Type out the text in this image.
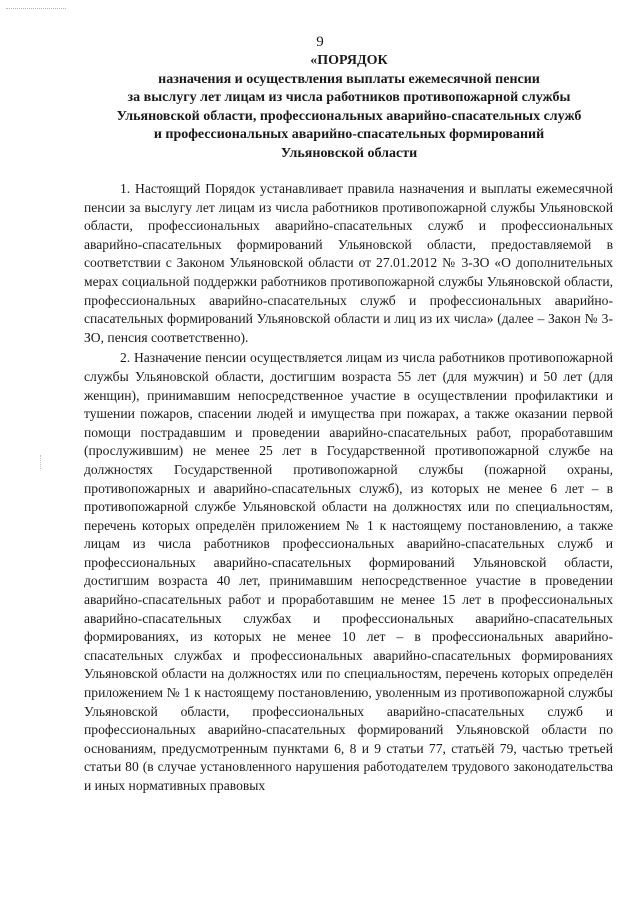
9
«ПОРЯДОК
назначения и осуществления выплаты ежемесячной пенсии
за выслугу лет лицам из числа работников противопожарной службы
Ульяновской области, профессиональных аварийно-спасательных служб
и профессиональных аварийно-спасательных формирований
Ульяновской области

1. Настоящий Порядок устанавливает правила назначения и выплаты ежемесячной пенсии за выслугу лет лицам из числа работников противопожарной службы Ульяновской области, профессиональных аварийно-спасательных служб и профессиональных аварийно-спасательных формирований Ульяновской области, предоставляемой в соответствии с Законом Ульяновской области от 27.01.2012 № 3-ЗО «О дополнительных мерах социальной поддержки работников противопожарной службы Ульяновской области, профессиональных аварийно-спасательных служб и профессиональных аварийно-спасательных формирований Ульяновской области и лиц из их числа» (далее – Закон № 3-ЗО, пенсия соответственно).

2. Назначение пенсии осуществляется лицам из числа работников противопожарной службы Ульяновской области, достигшим возраста 55 лет (для мужчин) и 50 лет (для женщин), принимавшим непосредственное участие в осуществлении профилактики и тушении пожаров, спасении людей и имущества при пожарах, а также оказании первой помощи пострадавшим и проведении аварийно-спасательных работ, проработавшим (прослужившим) не менее 25 лет в Государственной противопожарной службе на должностях Государственной противопожарной службы (пожарной охраны, противопожарных и аварийно-спасательных служб), из которых не менее 6 лет – в противопожарной службе Ульяновской области на должностях или по специальностям, перечень которых определён приложением № 1 к настоящему постановлению, а также лицам из числа работников профессиональных аварийно-спасательных служб и профессиональных аварийно-спасательных формирований Ульяновской области, достигшим возраста 40 лет, принимавшим непосредственное участие в проведении аварийно-спасательных работ и проработавшим не менее 15 лет в профессиональных аварийно-спасательных службах и профессиональных аварийно-спасательных формированиях, из которых не менее 10 лет – в профессиональных аварийно-спасательных службах и профессиональных аварийно-спасательных формированиях Ульяновской области на должностях или по специальностям, перечень которых определён приложением № 1 к настоящему постановлению, уволенным из противопожарной службы Ульяновской области, профессиональных аварийно-спасательных служб и профессиональных аварийно-спасательных формирований Ульяновской области по основаниям, предусмотренным пунктами 6, 8 и 9 статьи 77, статьёй 79, частью третьей статьи 80 (в случае установленного нарушения работодателем трудового законодательства и иных нормативных правовых
